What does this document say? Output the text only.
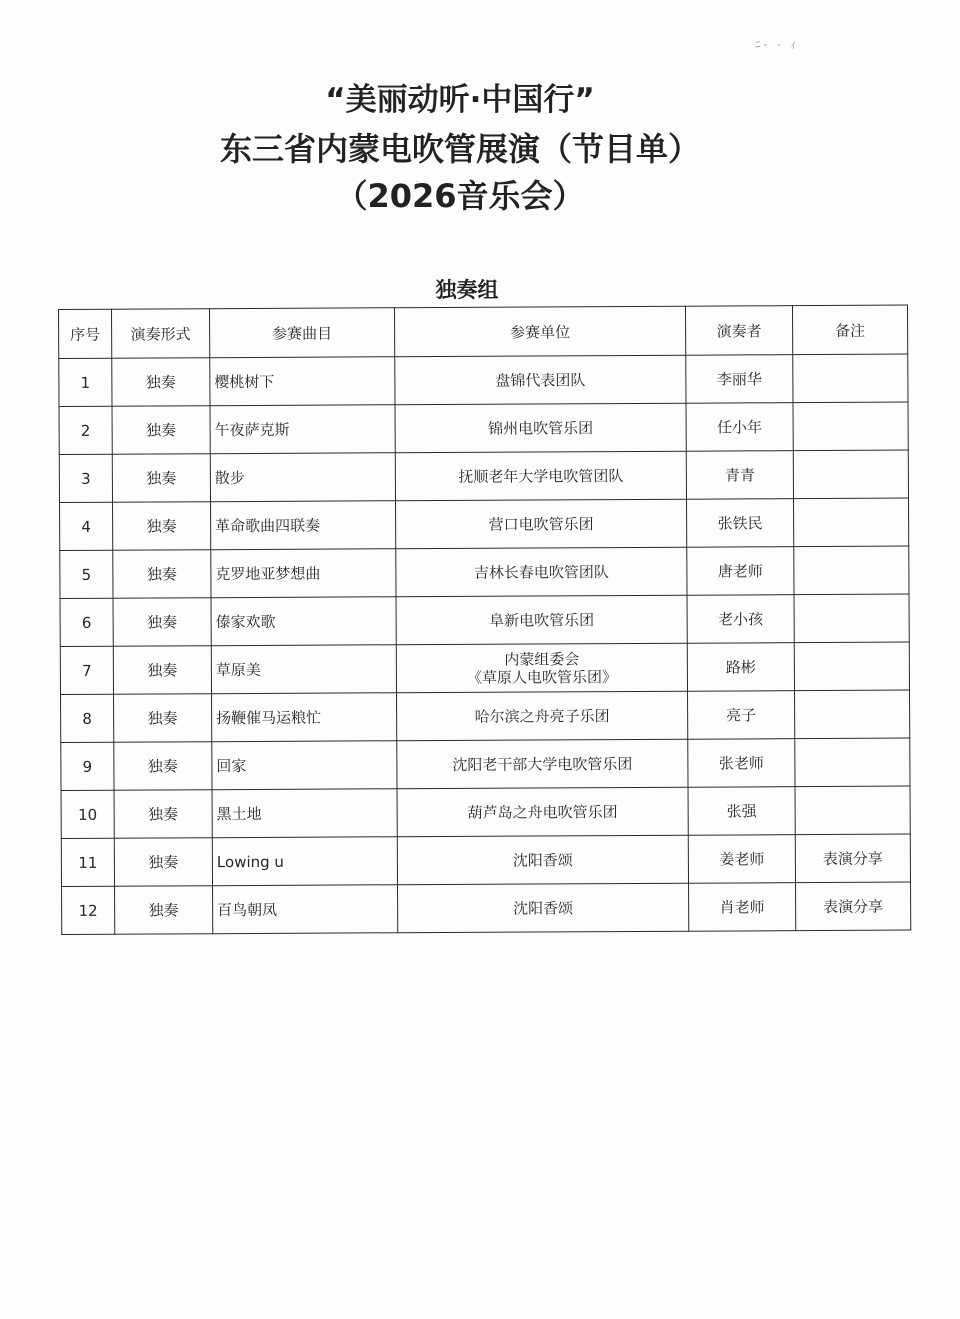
ﾆ- - ｨ
“美丽动听·中国行”
东三省内蒙电吹管展演（节目单）
（2026音乐会）
独奏组
序号	演奏形式	参赛曲目	参赛单位	演奏者	备注
1	独奏	樱桃树下	盘锦代表团队	李丽华	
2	独奏	午夜萨克斯	锦州电吹管乐团	任小年	
3	独奏	散步	抚顺老年大学电吹管团队	青青	
4	独奏	革命歌曲四联奏	营口电吹管乐团	张铁民	
5	独奏	克罗地亚梦想曲	吉林长春电吹管团队	唐老师	
6	独奏	傣家欢歌	阜新电吹管乐团	老小孩	
7	独奏	草原美	内蒙组委会
《草原人电吹管乐团》	路彬	
8	独奏	扬鞭催马运粮忙	哈尔滨之舟亮子乐团	亮子	
9	独奏	回家	沈阳老干部大学电吹管乐团	张老师	
10	独奏	黑土地	葫芦岛之舟电吹管乐团	张强	
11	独奏	Lowing u	沈阳香颂	姜老师	表演分享
12	独奏	百鸟朝凤	沈阳香颂	肖老师	表演分享
